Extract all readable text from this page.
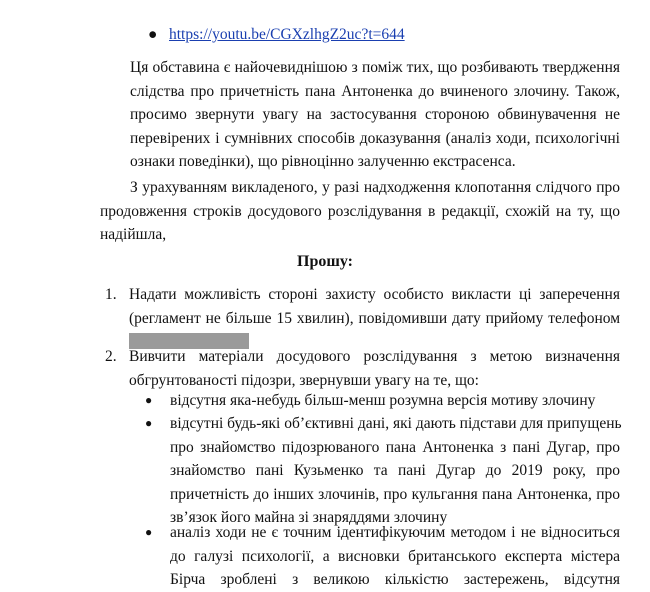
● https://youtu.be/CGXzlhgZ2uc?t=644
Ця обставина є найочевиднішою з поміж тих, що розбивають твердження
слідства про причетність пана Антоненка до вчиненого злочину. Також,
просимо звернути увагу на застосування стороною обвинувачення не
перевірених і сумнівних способів доказування (аналіз ходи, психологічні
ознаки поведінки), що рівноцінно залученню екстрасенса.
З урахуванням викладеного, у разі надходження клопотання слідчого про
продовження строків досудового розслідування в редакції, схожій на ту, що
надійшла,
Прошу:
1. Надати можливість стороні захисту особисто викласти ці заперечення
(регламент не більше 15 хвилин), повідомивши дату прийому телефоном
2. Вивчити матеріали досудового розслідування з метою визначення
обгрунтованості підозри, звернувши увагу на те, що:
● відсутня яка-небудь більш-менш розумна версія мотиву злочину
● відсутні будь-які об’єктивні дані, які дають підстави для припущень
про знайомство підозрюваного пана Антоненка з пані Дугар, про
знайомство пані Кузьменко та пані Дугар до 2019 року, про
причетність до інших злочинів, про кульгання пана Антоненка, про
зв’язок його майна зі знаряддями злочину
● аналіз ходи не є точним ідентифікуючим методом і не відноситься
до галузі психології, а висновки британського експерта містера
Бірча зроблені з великою кількістю застережень, відсутня
